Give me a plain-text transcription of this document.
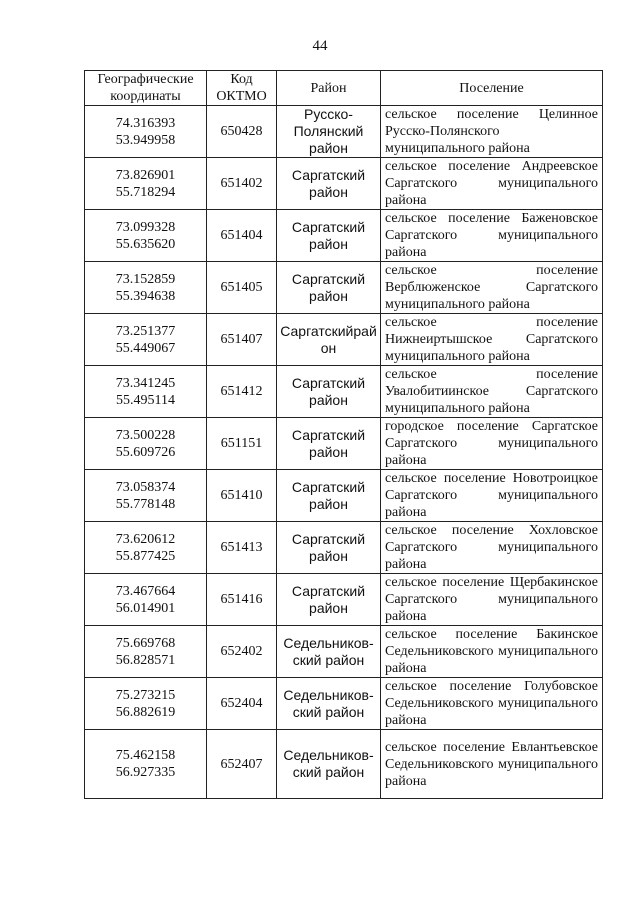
44
Географические координаты	Код ОКТМО	Район	Поселение

74.316393
53.949958	650428	Русско-Полянский район	сельское поселение Целинное Русско-Полянского муниципального района

73.826901
55.718294	651402	Саргатский район	сельское поселение Андреевское Саргатского муниципального района

73.099328
55.635620	651404	Саргатский район	сельское поселение Баженовское Саргатского муниципального района

73.152859
55.394638	651405	Саргатский район	сельское поселение Верблюженское Саргатского муниципального района

73.251377
55.449067	651407	Саргатскийрайон	сельское поселение Нижнеиртышское Саргатского муниципального района

73.341245
55.495114	651412	Саргатский район	сельское поселение Увалобитиинское Саргатского муниципального района

73.500228
55.609726	651151	Саргатский район	городское поселение Саргатское Саргатского муниципального района

73.058374
55.778148	651410	Саргатский район	сельское поселение Новотроицкое Саргатского муниципального района

73.620612
55.877425	651413	Саргатский район	сельское поселение Хохловское Саргатского муниципального района

73.467664
56.014901	651416	Саргатский район	сельское поселение Щербакинское Саргатского муниципального района

75.669768
56.828571	652402	Седельников-ский район	сельское поселение Бакинское Седельниковского муниципального района

75.273215
56.882619	652404	Седельников-ский район	сельское поселение Голубовское Седельниковского муниципального района

75.462158
56.927335	652407	Седельников-ский район	сельское поселение Евлантьевское Седельниковского муниципального района
